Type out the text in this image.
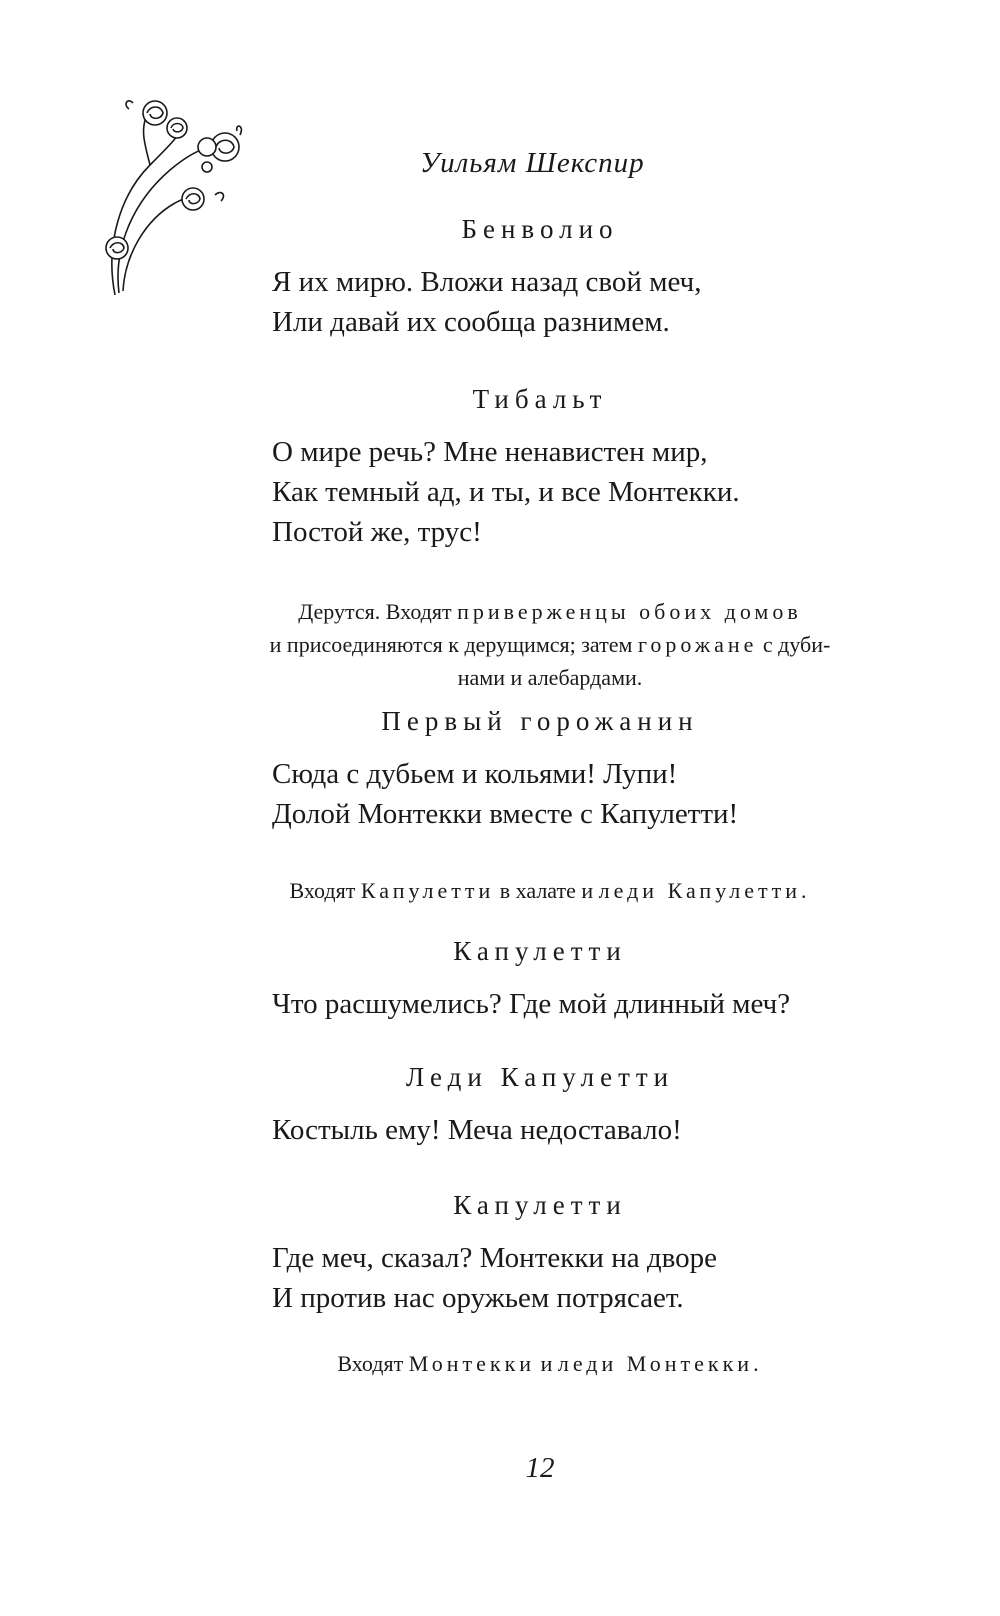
Уильям Шекспир
Бенволио
Я их мирю. Вложи назад свой меч,
Или давай их сообща разнимем.
Тибальт
О мире речь? Мне ненавистен мир,
Как темный ад, и ты, и все Монтекки.
Постой же, трус!
Дерутся. Входят приверженцы обоих домов
и присоединяются к дерущимся; затем горожане с дуби-
нами и алебардами.
Первый горожанин
Сюда с дубьем и кольями! Лупи!
Долой Монтекки вместе с Капулетти!
Входят Капулетти в халате и леди Капулетти.
Капулетти
Что расшумелись? Где мой длинный меч?
Леди Капулетти
Костыль ему! Меча недоставало!
Капулетти
Где меч, сказал? Монтекки на дворе
И против нас оружьем потрясает.
Входят Монтекки и леди Монтекки.
12
